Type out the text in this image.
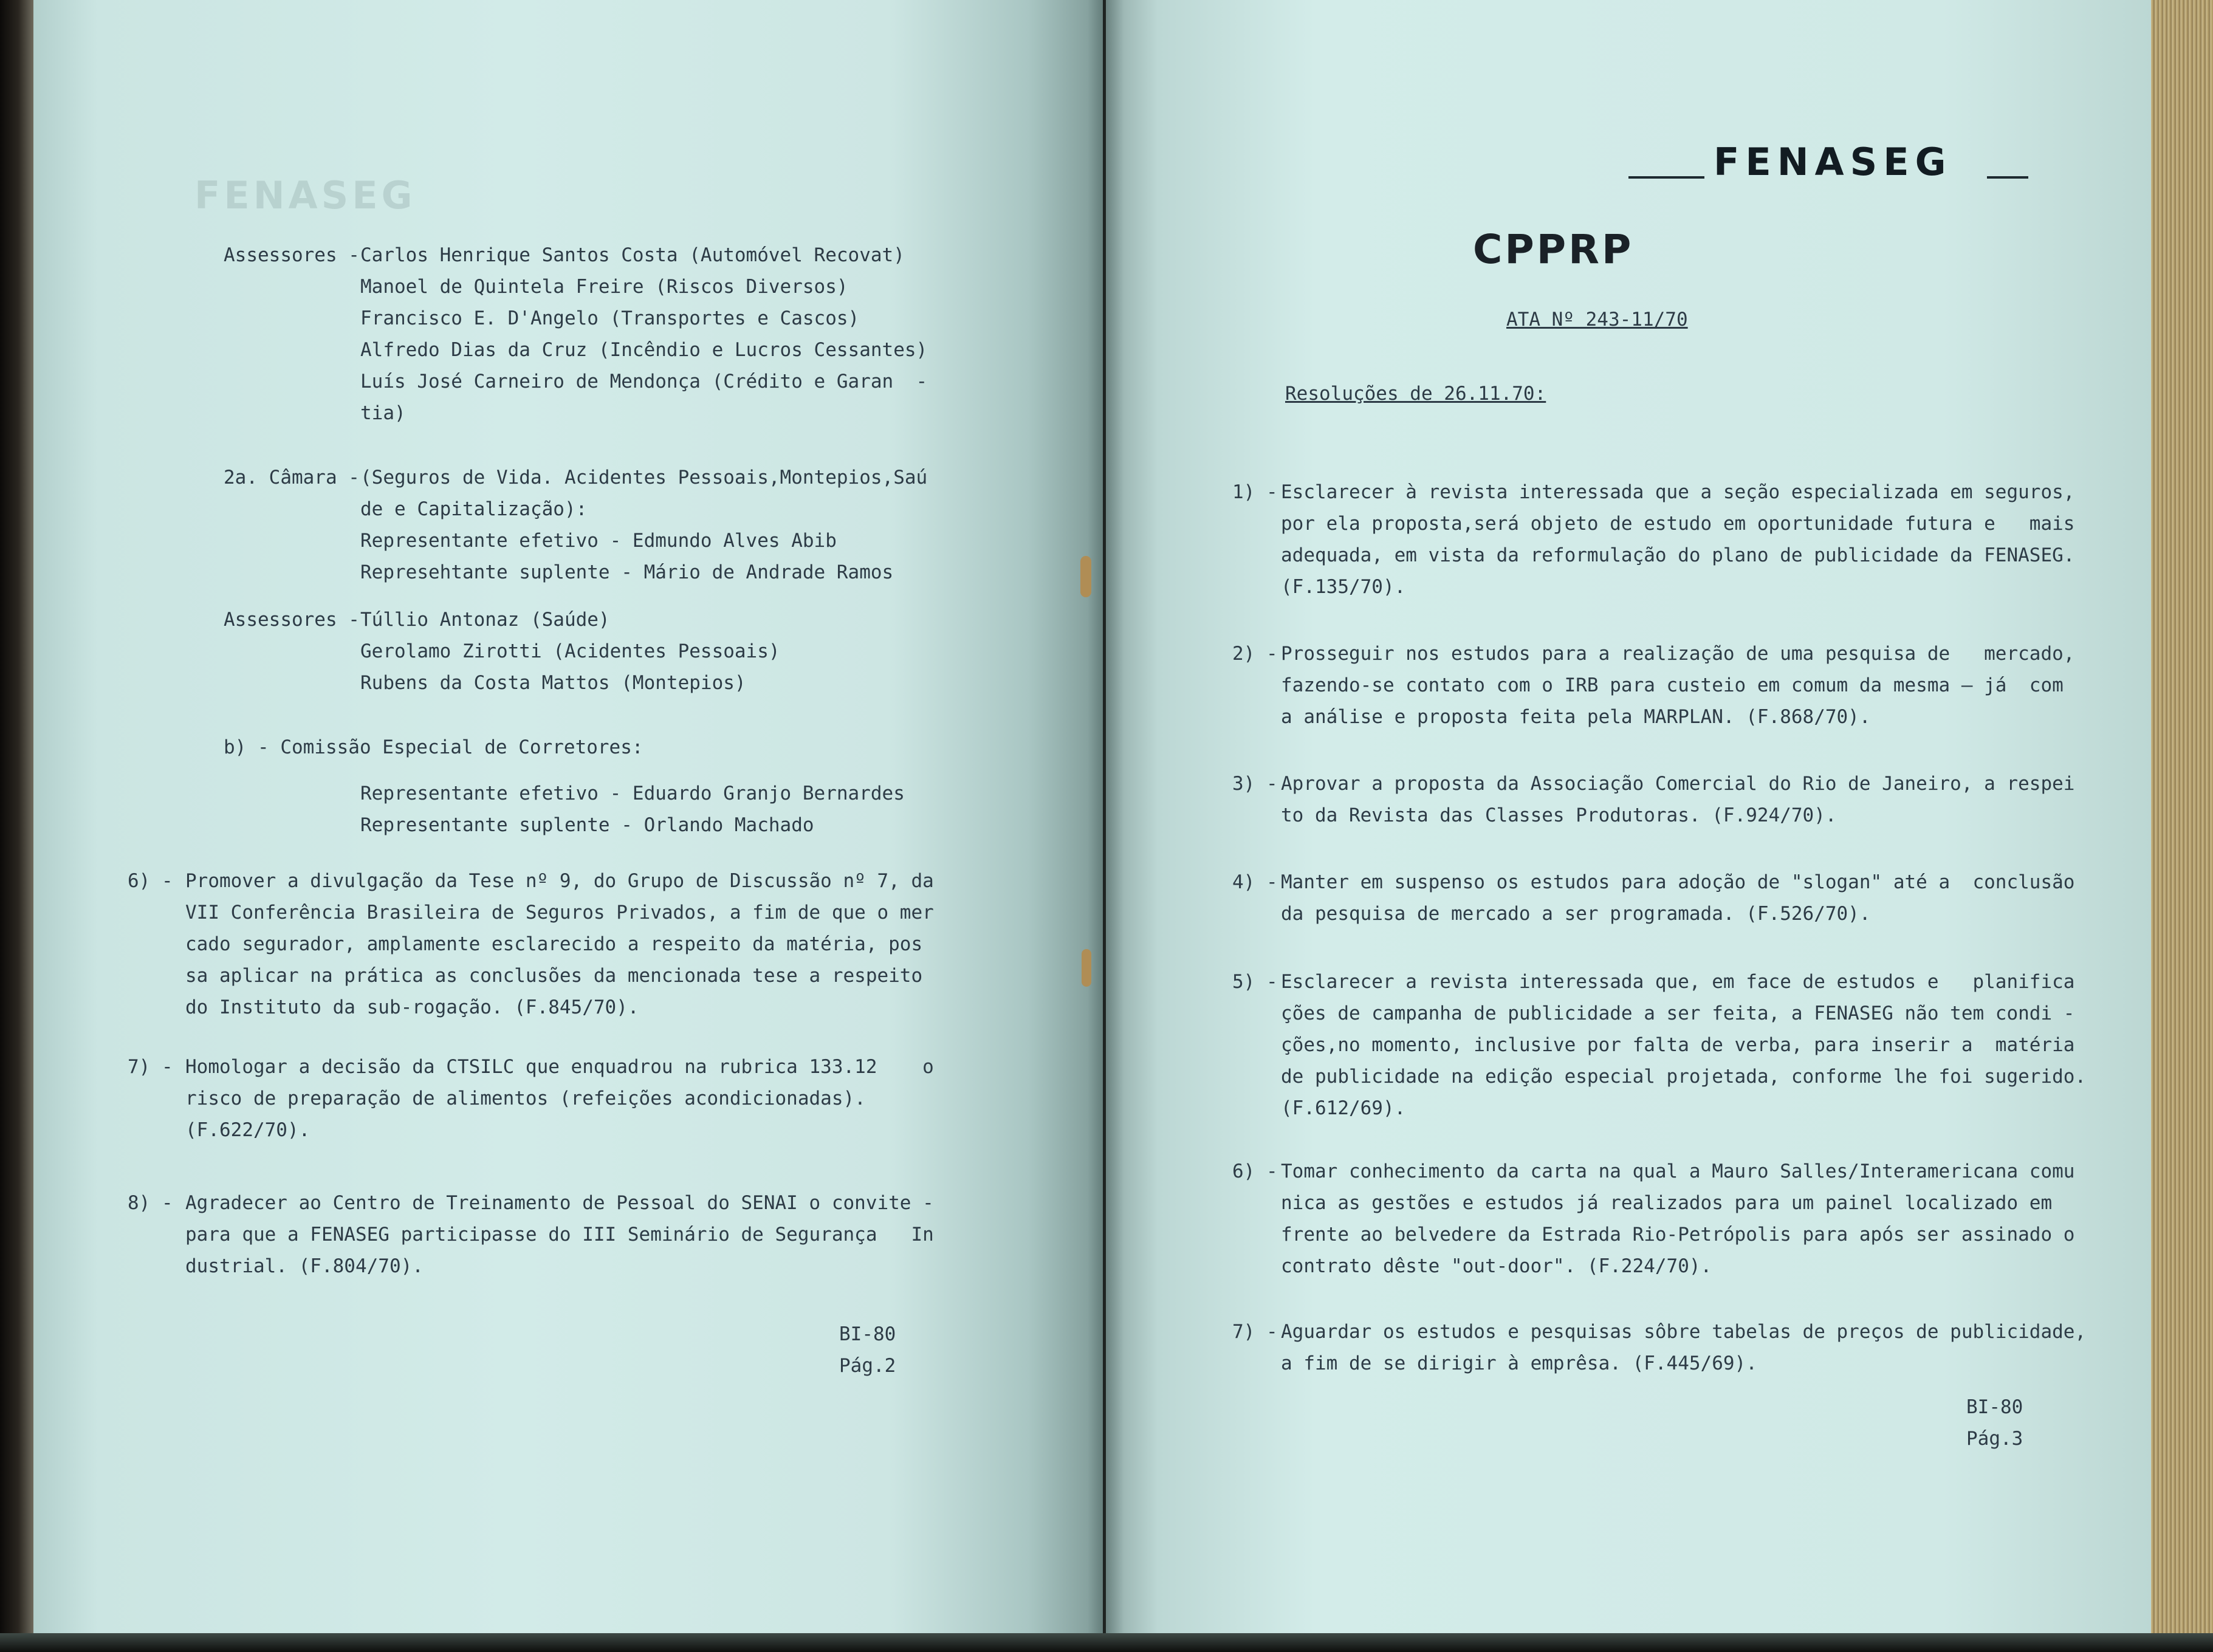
FENASEG
Assessores - Carlos Henrique Santos Costa (Automóvel Recovat)
Manoel de Quintela Freire (Riscos Diversos)
Francisco E. D'Angelo (Transportes e Cascos)
Alfredo Dias da Cruz (Incêndio e Lucros Cessantes)
Luís José Carneiro de Mendonça (Crédito e Garan  -
tia)
2a. Câmara - (Seguros de Vida. Acidentes Pessoais,Montepios,Saú
de e Capitalização):
Representante efetivo - Edmundo Alves Abib
Represehtante suplente - Mário de Andrade Ramos
Assessores - Túllio Antonaz (Saúde)
Gerolamo Zirotti (Acidentes Pessoais)
Rubens da Costa Mattos (Montepios)
b) - Comissão Especial de Corretores:
Representante efetivo - Eduardo Granjo Bernardes
Representante suplente - Orlando Machado
6) - Promover a divulgação da Tese nº 9, do Grupo de Discussão nº 7, da
VII Conferência Brasileira de Seguros Privados, a fim de que o mer
cado segurador, amplamente esclarecido a respeito da matéria, pos
sa aplicar na prática as conclusões da mencionada tese a respeito
do Instituto da sub-rogação. (F.845/70).
7) - Homologar a decisão da CTSILC que enquadrou na rubrica 133.12    o
risco de preparação de alimentos (refeições acondicionadas).
(F.622/70).
8) - Agradecer ao Centro de Treinamento de Pessoal do SENAI o convite -
para que a FENASEG participasse do III Seminário de Segurança   In
dustrial. (F.804/70).
BI-80
Pág.2
FENASEG
CPPRP
ATA Nº 243-11/70
Resoluções de 26.11.70:
1) - Esclarecer à revista interessada que a seção especializada em seguros,
por ela proposta,será objeto de estudo em oportunidade futura e   mais
adequada, em vista da reformulação do plano de publicidade da FENASEG.
(F.135/70).
2) - Prosseguir nos estudos para a realização de uma pesquisa de   mercado,
fazendo-se contato com o IRB para custeio em comum da mesma — já  com
a análise e proposta feita pela MARPLAN. (F.868/70).
3) - Aprovar a proposta da Associação Comercial do Rio de Janeiro, a respei
to da Revista das Classes Produtoras. (F.924/70).
4) - Manter em suspenso os estudos para adoção de "slogan" até a  conclusão
da pesquisa de mercado a ser programada. (F.526/70).
5) - Esclarecer a revista interessada que, em face de estudos e   planifica
ções de campanha de publicidade a ser feita, a FENASEG não tem condi -
ções,no momento, inclusive por falta de verba, para inserir a  matéria
de publicidade na edição especial projetada, conforme lhe foi sugerido.
(F.612/69).
6) - Tomar conhecimento da carta na qual a Mauro Salles/Interamericana comu
nica as gestões e estudos já realizados para um painel localizado em
frente ao belvedere da Estrada Rio-Petrópolis para após ser assinado o
contrato dêste "out-door". (F.224/70).
7) - Aguardar os estudos e pesquisas sôbre tabelas de preços de publicidade,
a fim de se dirigir à emprêsa. (F.445/69).
BI-80
Pág.3
